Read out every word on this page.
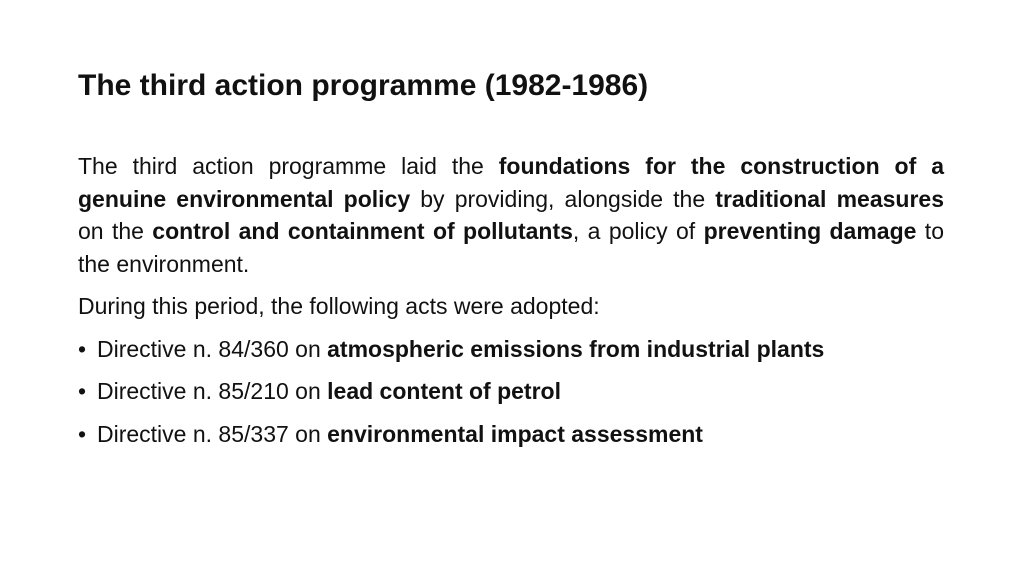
The third action programme (1982-1986)

The third action programme laid the foundations for the construction of a genuine environmental policy by providing, alongside the traditional measures on the control and containment of pollutants, a policy of preventing damage to the environment.

During this period, the following acts were adopted:

• Directive n. 84/360 on atmospheric emissions from industrial plants
• Directive n. 85/210 on lead content of petrol
• Directive n. 85/337 on environmental impact assessment
